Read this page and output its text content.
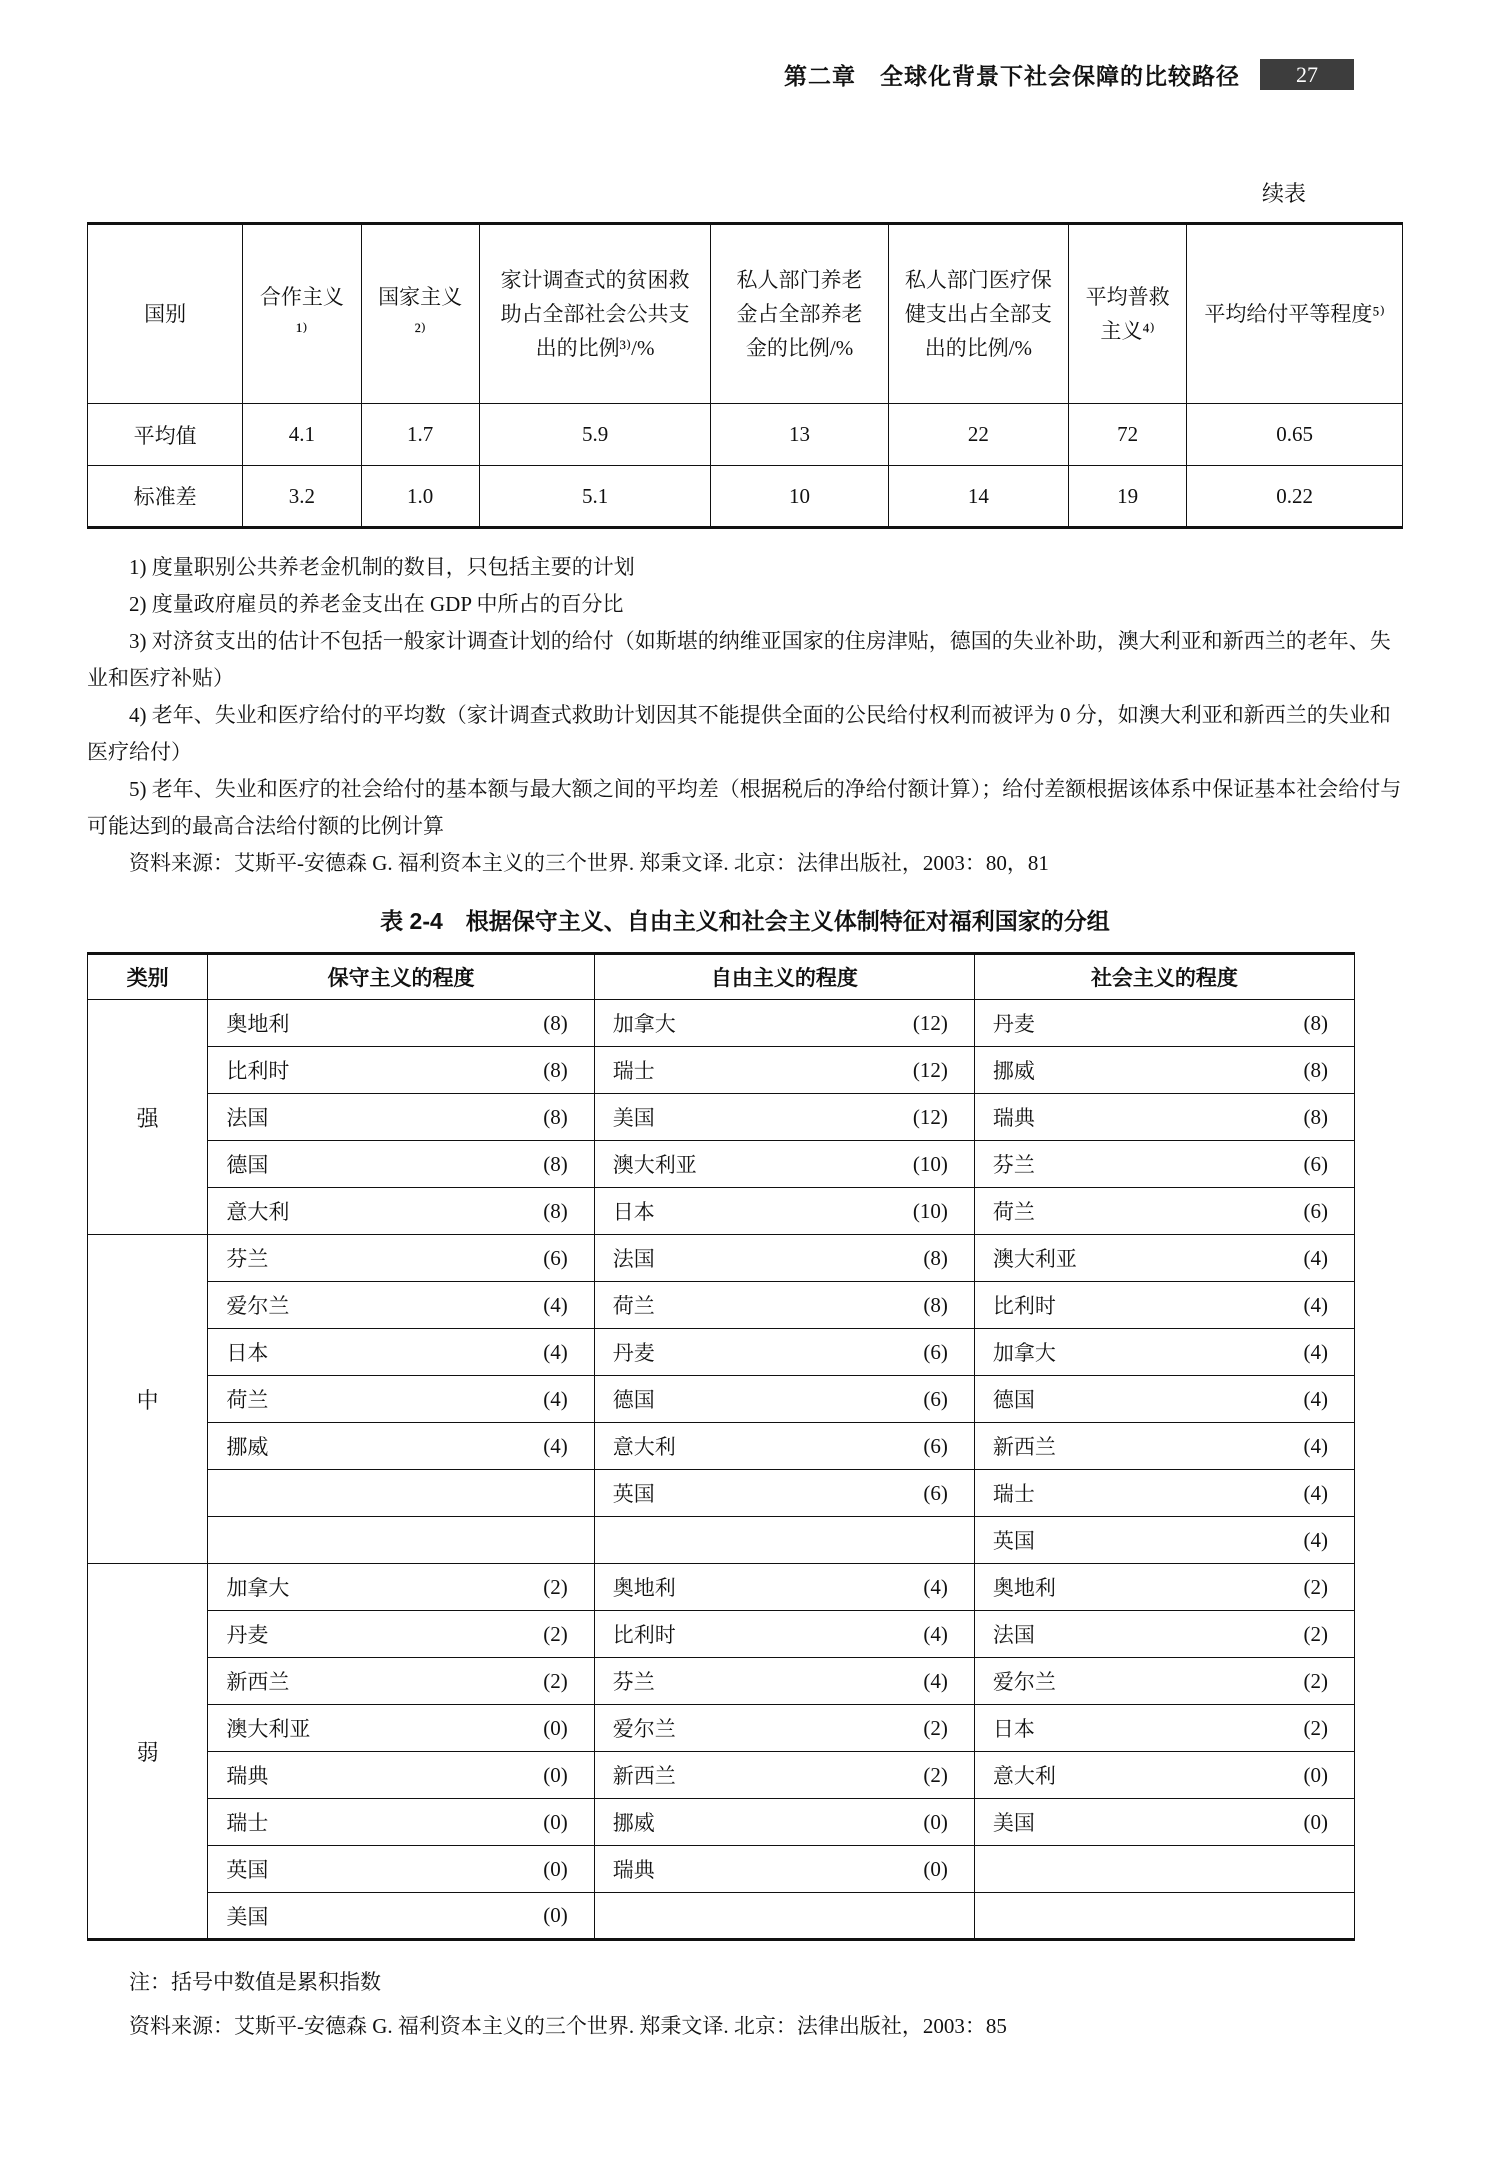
第二章　全球化背景下社会保障的比较路径	27
续表
国别	合作主义¹⁾	国家主义²⁾	家计调查式的贫困救助占全部社会公共支出的比例³⁾/%	私人部门养老金占全部养老金的比例/%	私人部门医疗保健支出占全部支出的比例/%	平均普救主义⁴⁾	平均给付平等程度⁵⁾
平均值	4.1	1.7	5.9	13	22	72	0.65
标准差	3.2	1.0	5.1	10	14	19	0.22

1) 度量职别公共养老金机制的数目，只包括主要的计划

2) 度量政府雇员的养老金支出在 GDP 中所占的百分比

3) 对济贫支出的估计不包括一般家计调查计划的给付（如斯堪的纳维亚国家的住房津贴，德国的失业补助，澳大利亚和新西兰的老年、失业和医疗补贴）

4) 老年、失业和医疗给付的平均数（家计调查式救助计划因其不能提供全面的公民给付权利而被评为 0 分，如澳大利亚和新西兰的失业和医疗给付）

5) 老年、失业和医疗的社会给付的基本额与最大额之间的平均差（根据税后的净给付额计算）；给付差额根据该体系中保证基本社会给付与可能达到的最高合法给付额的比例计算

资料来源：艾斯平-安德森 G. 福利资本主义的三个世界. 郑秉文译. 北京：法律出版社，2003：80，81

表 2-4　根据保守主义、自由主义和社会主义体制特征对福利国家的分组
类别	保守主义的程度	自由主义的程度	社会主义的程度
强	奥地利 (8)	加拿大 (12)	丹麦 (8)

	比利时 (8)	瑞士 (12)	挪威 (8)

	法国 (8)	美国 (12)	瑞典 (8)

	德国 (8)	澳大利亚 (10)	芬兰 (6)

	意大利 (8)	日本 (10)	荷兰 (6)

中	芬兰 (6)	法国 (8)	澳大利亚 (4)

	爱尔兰 (4)	荷兰 (8)	比利时 (4)

	日本 (4)	丹麦 (6)	加拿大 (4)

	荷兰 (4)	德国 (6)	德国 (4)

	挪威 (4)	意大利 (6)	新西兰 (4)

		英国 (6)	瑞士 (4)

			英国 (4)

弱	加拿大 (2)	奥地利 (4)	奥地利 (2)

	丹麦 (2)	比利时 (4)	法国 (2)

	新西兰 (2)	芬兰 (4)	爱尔兰 (2)

	澳大利亚 (0)	爱尔兰 (2)	日本 (2)

	瑞典 (0)	新西兰 (2)	意大利 (0)

	瑞士 (0)	挪威 (0)	美国 (0)

	英国 (0)	瑞典 (0)	

	美国 (0)		

注：括号中数值是累积指数

资料来源：艾斯平-安德森 G. 福利资本主义的三个世界. 郑秉文译. 北京：法律出版社，2003：85
